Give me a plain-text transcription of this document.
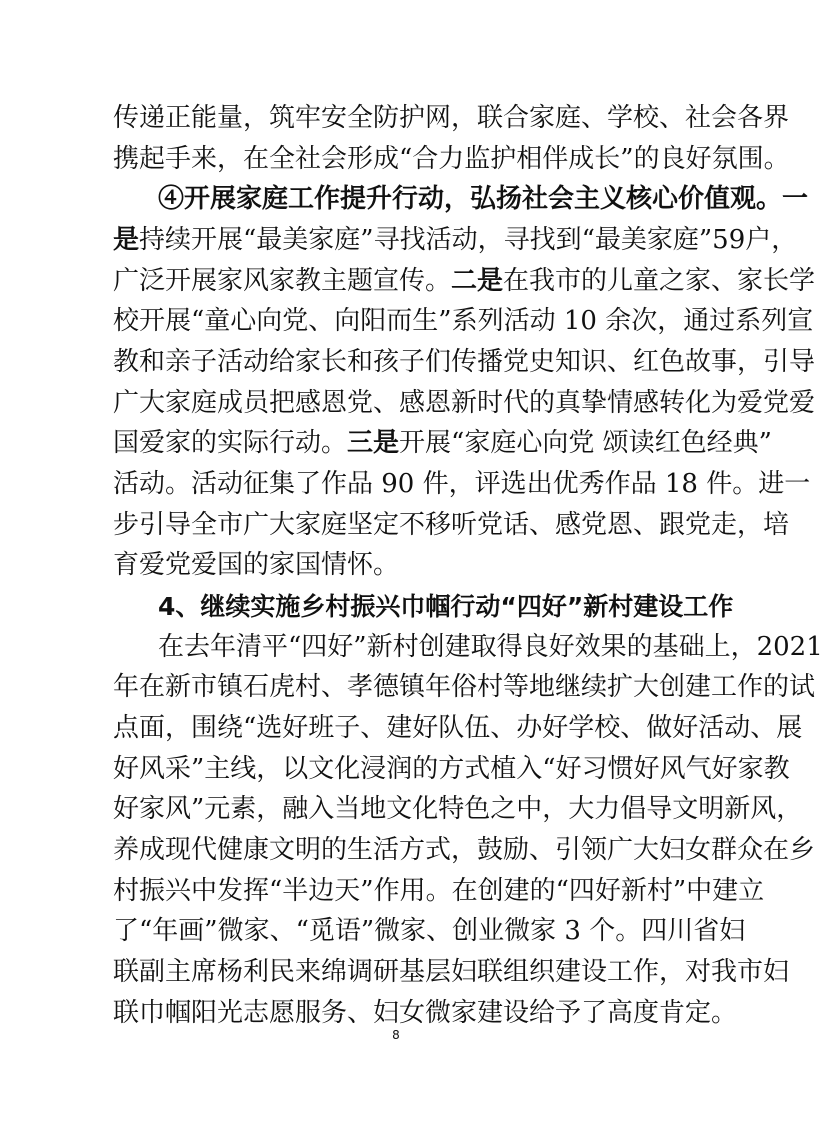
传递正能量，筑牢安全防护网，联合家庭、学校、社会各界
携起手来，在全社会形成“合力监护相伴成长”的良好氛围。
④开展家庭工作提升行动，弘扬社会主义核心价值观。一
是持续开展“最美家庭”寻找活动，寻找到“最美家庭”59户，
广泛开展家风家教主题宣传。二是在我市的儿童之家、家长学
校开展“童心向党、向阳而生”系列活动 10 余次，通过系列宣
教和亲子活动给家长和孩子们传播党史知识、红色故事，引导
广大家庭成员把感恩党、感恩新时代的真挚情感转化为爱党爱
国爱家的实际行动。三是开展“家庭心向党 颂读红色经典”
活动。活动征集了作品 90 件，评选出优秀作品 18 件。进一
步引导全市广大家庭坚定不移听党话、感党恩、跟党走，培
育爱党爱国的家国情怀。
4、继续实施乡村振兴巾帼行动“四好”新村建设工作
在去年清平“四好”新村创建取得良好效果的基础上，2021
年在新市镇石虎村、孝德镇年俗村等地继续扩大创建工作的试
点面，围绕“选好班子、建好队伍、办好学校、做好活动、展
好风采”主线，以文化浸润的方式植入“好习惯好风气好家教
好家风”元素，融入当地文化特色之中，大力倡导文明新风，
养成现代健康文明的生活方式，鼓励、引领广大妇女群众在乡
村振兴中发挥“半边天”作用。在创建的“四好新村”中建立
了“年画”微家、“觅语”微家、创业微家 3 个。四川省妇
联副主席杨利民来绵调研基层妇联组织建设工作，对我市妇
联巾帼阳光志愿服务、妇女微家建设给予了高度肯定。
8
